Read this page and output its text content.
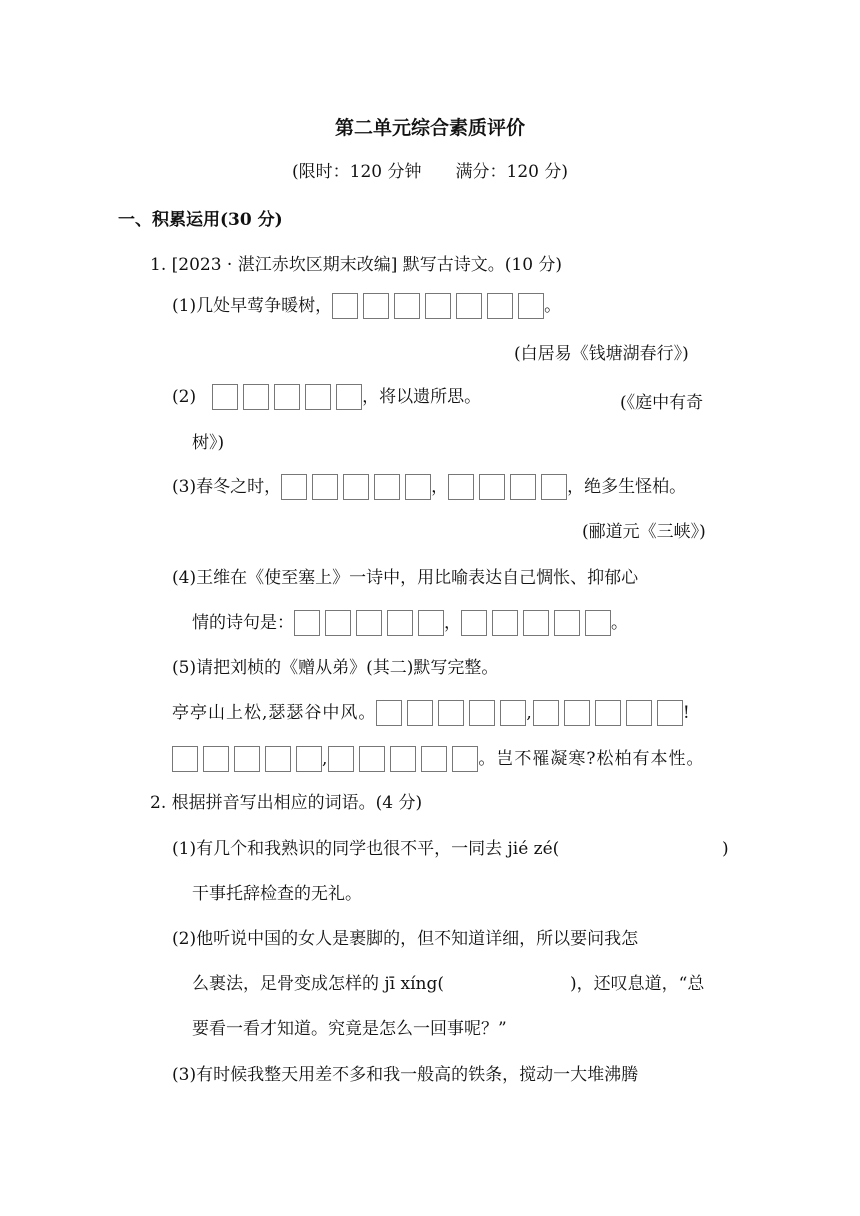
第二单元综合素质评价
(限时：120 分钟　　满分：120 分)
一、积累运用(30 分)
1. [2023 · 湛江赤坎区期末改编] 默写古诗文。(10 分)
(1)几处早莺争暖树，	。
(白居易《钱塘湖春行》)
(2)	，将以遗所思。	(《庭中有奇
树》)
(3)春冬之时，	，	，绝多生怪柏。
(郦道元《三峡》)
(4)王维在《使至塞上》一诗中，用比喻表达自己惆怅、抑郁心
情的诗句是：	，	。
(5)请把刘桢的《赠从弟》(其二)默写完整。
亭亭山上松,瑟瑟谷中风。	,	!
,	。岂不罹凝寒?松柏有本性。
2. 根据拼音写出相应的词语。(4 分)
(1)有几个和我熟识的同学也很不平，一同去 jié zé(	)
干事托辞检查的无礼。
(2)他听说中国的女人是裹脚的，但不知道详细，所以要问我怎
么裹法，足骨变成怎样的 jī xíng(	)，还叹息道，“总
要看一看才知道。究竟是怎么一回事呢？”
(3)有时候我整天用差不多和我一般高的铁条，搅动一大堆沸腾
